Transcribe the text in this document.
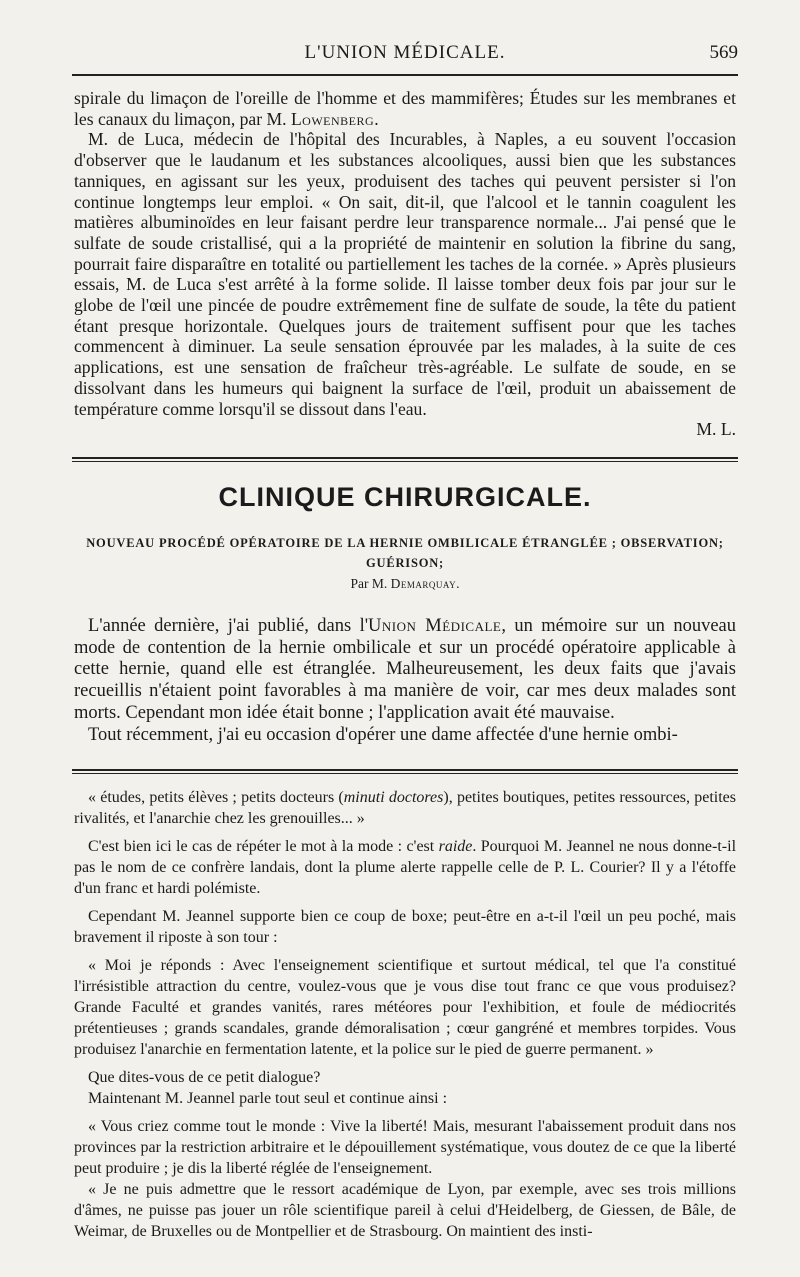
L'UNION MÉDICALE.	569

spirale du limaçon de l'oreille de l'homme et des mammifères; Études sur les membranes et les canaux du limaçon, par M. Lowenberg.

M. de Luca, médecin de l'hôpital des Incurables, à Naples, a eu souvent l'occasion d'observer que le laudanum et les substances alcooliques, aussi bien que les substances tanniques, en agissant sur les yeux, produisent des taches qui peuvent persister si l'on continue longtemps leur emploi. « On sait, dit-il, que l'alcool et le tannin coagulent les matières albuminoïdes en leur faisant perdre leur transparence normale... J'ai pensé que le sulfate de soude cristallisé, qui a la propriété de maintenir en solution la fibrine du sang, pourrait faire disparaître en totalité ou partiellement les taches de la cornée. » Après plusieurs essais, M. de Luca s'est arrêté à la forme solide. Il laisse tomber deux fois par jour sur le globe de l'œil une pincée de poudre extrêmement fine de sulfate de soude, la tête du patient étant presque horizontale. Quelques jours de traitement suffisent pour que les taches commencent à diminuer. La seule sensation éprouvée par les malades, à la suite de ces applications, est une sensation de fraîcheur très-agréable. Le sulfate de soude, en se dissolvant dans les humeurs qui baignent la surface de l'œil, produit un abaissement de température comme lorsqu'il se dissout dans l'eau.

M. L.

CLINIQUE CHIRURGICALE.
NOUVEAU PROCÉDÉ OPÉRATOIRE DE LA HERNIE OMBILICALE ÉTRANGLÉE ; OBSERVATION; GUÉRISON;
Par M. Demarquay.

L'année dernière, j'ai publié, dans l'Union Médicale, un mémoire sur un nouveau mode de contention de la hernie ombilicale et sur un procédé opératoire applicable à cette hernie, quand elle est étranglée. Malheureusement, les deux faits que j'avais recueillis n'étaient point favorables à ma manière de voir, car mes deux malades sont morts. Cependant mon idée était bonne ; l'application avait été mauvaise.

Tout récemment, j'ai eu occasion d'opérer une dame affectée d'une hernie ombi-

« études, petits élèves ; petits docteurs (minuti doctores), petites boutiques, petites ressources, petites rivalités, et l'anarchie chez les grenouilles... »

C'est bien ici le cas de répéter le mot à la mode : c'est raide. Pourquoi M. Jeannel ne nous donne-t-il pas le nom de ce confrère landais, dont la plume alerte rappelle celle de P. L. Courier? Il y a l'étoffe d'un franc et hardi polémiste.

Cependant M. Jeannel supporte bien ce coup de boxe; peut-être en a-t-il l'œil un peu poché, mais bravement il riposte à son tour :

« Moi je réponds : Avec l'enseignement scientifique et surtout médical, tel que l'a constitué l'irrésistible attraction du centre, voulez-vous que je vous dise tout franc ce que vous produisez? Grande Faculté et grandes vanités, rares météores pour l'exhibition, et foule de médiocrités prétentieuses ; grands scandales, grande démoralisation ; cœur gangréné et membres torpides. Vous produisez l'anarchie en fermentation latente, et la police sur le pied de guerre permanent. »

Que dites-vous de ce petit dialogue?

Maintenant M. Jeannel parle tout seul et continue ainsi :

« Vous criez comme tout le monde : Vive la liberté! Mais, mesurant l'abaissement produit dans nos provinces par la restriction arbitraire et le dépouillement systématique, vous doutez de ce que la liberté peut produire ; je dis la liberté réglée de l'enseignement.

« Je ne puis admettre que le ressort académique de Lyon, par exemple, avec ses trois millions d'âmes, ne puisse pas jouer un rôle scientifique pareil à celui d'Heidelberg, de Giessen, de Bâle, de Weimar, de Bruxelles ou de Montpellier et de Strasbourg. On maintient des insti-
